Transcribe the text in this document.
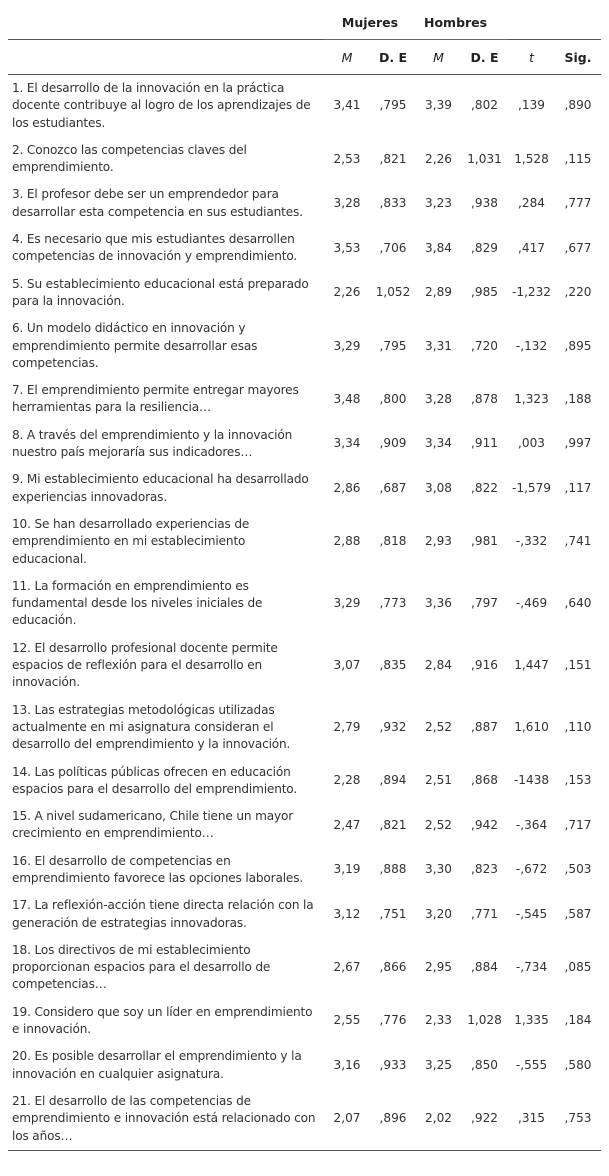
	Mujeres		Hombres			
	M	D. E	M	D. E	t	Sig.
1. El desarrollo de la innovación en la práctica docente contribuye al logro de los aprendizajes de los estudiantes.	3,41	,795	3,39	,802	,139	,890
2. Conozco las competencias claves del emprendimiento.	2,53	,821	2,26	1,031	1,528	,115
3. El profesor debe ser un emprendedor para desarrollar esta competencia en sus estudiantes.	3,28	,833	3,23	,938	,284	,777
4. Es necesario que mis estudiantes desarrollen competencias de innovación y emprendimiento.	3,53	,706	3,84	,829	,417	,677
5. Su establecimiento educacional está preparado para la innovación.	2,26	1,052	2,89	,985	-1,232	,220
6. Un modelo didáctico en innovación y emprendimiento permite desarrollar esas competencias.	3,29	,795	3,31	,720	-,132	,895
7. El emprendimiento permite entregar mayores herramientas para la resiliencia…	3,48	,800	3,28	,878	1,323	,188
8. A través del emprendimiento y la innovación nuestro país mejoraría sus indicadores…	3,34	,909	3,34	,911	,003	,997
9. Mi establecimiento educacional ha desarrollado experiencias innovadoras.	2,86	,687	3,08	,822	-1,579	,117
10. Se han desarrollado experiencias de emprendimiento en mi establecimiento educacional.	2,88	,818	2,93	,981	-,332	,741
11. La formación en emprendimiento es fundamental desde los niveles iniciales de educación.	3,29	,773	3,36	,797	-,469	,640
12. El desarrollo profesional docente permite espacios de reflexión para el desarrollo en innovación.	3,07	,835	2,84	,916	1,447	,151
13. Las estrategias metodológicas utilizadas actualmente en mi asignatura consideran el desarrollo del emprendimiento y la innovación.	2,79	,932	2,52	,887	1,610	,110
14. Las políticas públicas ofrecen en educación espacios para el desarrollo del emprendimiento.	2,28	,894	2,51	,868	-1438	,153
15. A nivel sudamericano, Chile tiene un mayor crecimiento en emprendimiento…	2,47	,821	2,52	,942	-,364	,717
16. El desarrollo de competencias en emprendimiento favorece las opciones laborales.	3,19	,888	3,30	,823	-,672	,503
17. La reflexión-acción tiene directa relación con la generación de estrategias innovadoras.	3,12	,751	3,20	,771	-,545	,587
18. Los directivos de mi establecimiento proporcionan espacios para el desarrollo de competencias…	2,67	,866	2,95	,884	-,734	,085
19. Considero que soy un líder en emprendimiento e innovación.	2,55	,776	2,33	1,028	1,335	,184
20. Es posible desarrollar el emprendimiento y la innovación en cualquier asignatura.	3,16	,933	3,25	,850	-,555	,580
21. El desarrollo de las competencias de emprendimiento e innovación está relacionado con los años…	2,07	,896	2,02	,922	,315	,753
